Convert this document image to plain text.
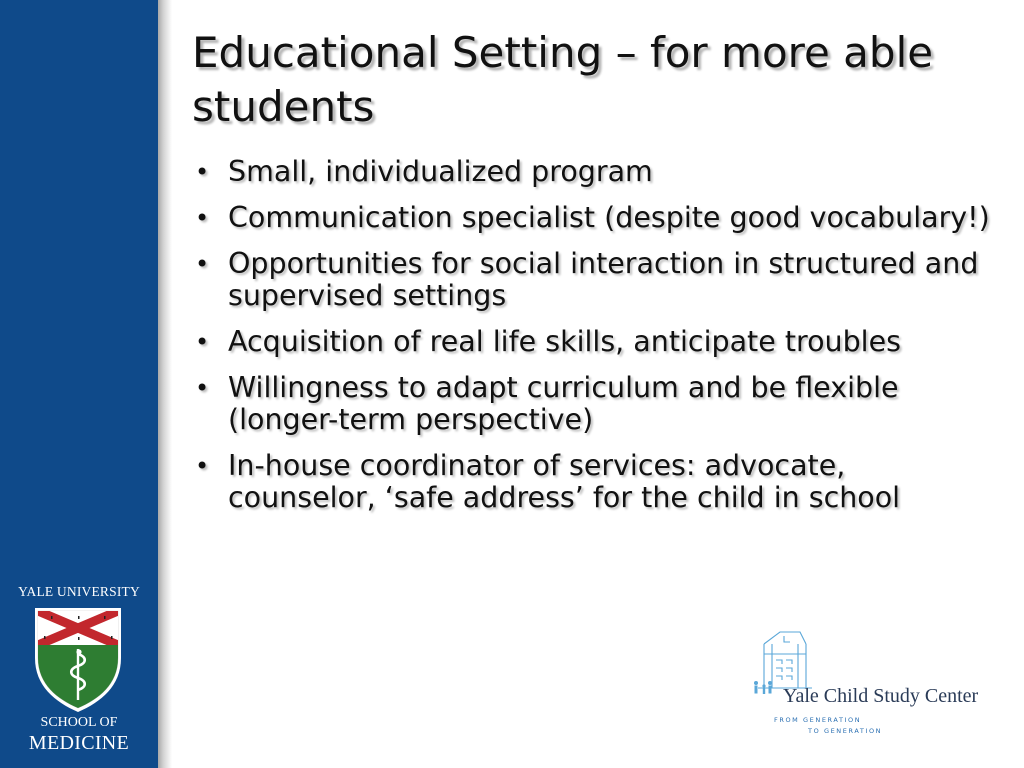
YALE UNIVERSITY
SCHOOL OF
MEDICINE
Educational Setting – for more able students
• Small, individualized program
• Communication specialist (despite good vocabulary!)
• Opportunities for social interaction in structured and supervised settings
• Acquisition of real life skills, anticipate troubles
• Willingness to adapt curriculum and be flexible (longer-term perspective)
• In-house coordinator of services: advocate, counselor, ‘safe address’ for the child in school
Yale Child Study Center
FROM GENERATION
TO GENERATION
